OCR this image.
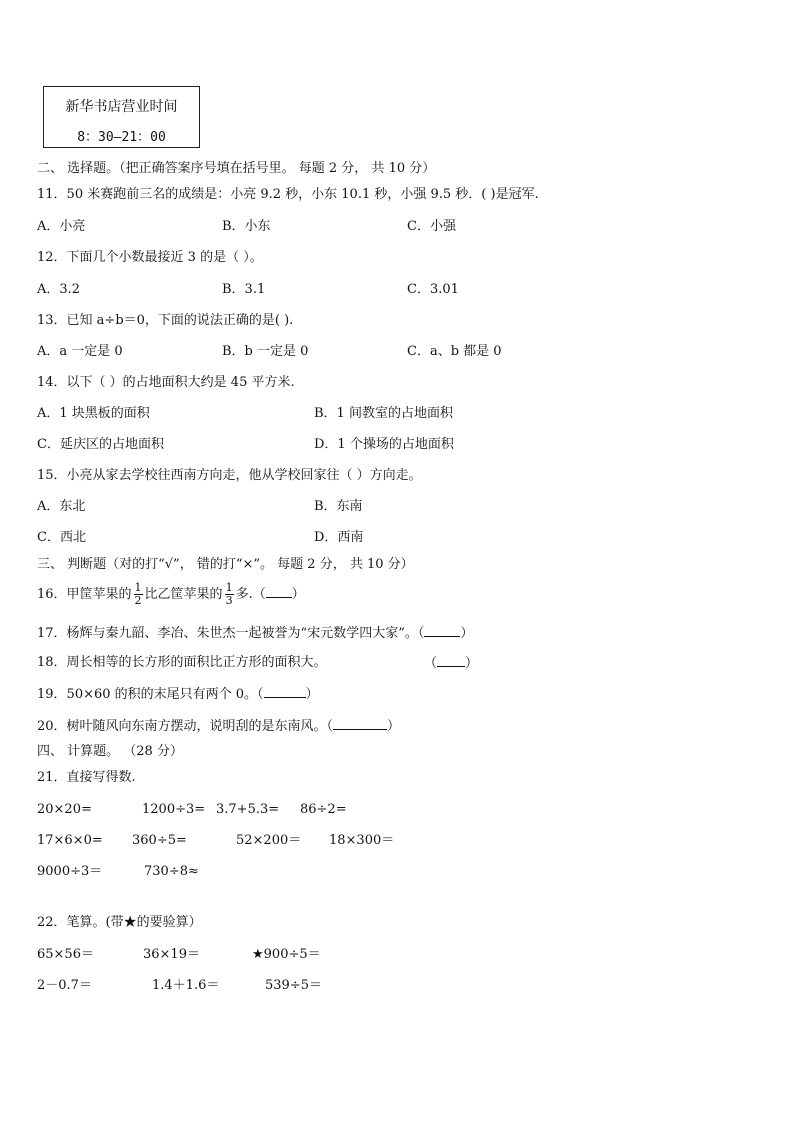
新华书店营业时间
8：30—21：00
二、 选择题。（把正确答案序号填在括号里。 每题 2 分， 共 10 分）
11．50 米赛跑前三名的成绩是：小亮 9.2 秒，小东 10.1 秒，小强 9.5 秒．( )是冠军.
A．小亮	B．小东	C．小强
12．下面几个小数最接近 3 的是（ ）。
A．3.2	B．3.1	C．3.01
13．已知 a÷b＝0，下面的说法正确的是( ).
A．a 一定是 0	B．b 一定是 0	C．a、b 都是 0
14．以下（ ）的占地面积大约是 45 平方米.
A．1 块黑板的面积	B．1 间教室的占地面积
C．延庆区的占地面积	D．1 个操场的占地面积
15．小亮从家去学校往西南方向走，他从学校回家往（ ）方向走。
A．东北	B．东南
C．西北	D．西南
三、 判断题（对的打“√”， 错的打“×”。 每题 2 分， 共 10 分）
16．甲筐苹果的 $\frac{1}{2}$ 比乙筐苹果的 $\frac{1}{3}$ 多.（ ）
17．杨辉与秦九韶、李冶、朱世杰一起被誉为“宋元数学四大家”。（	）
18．周长相等的长方形的面积比正方形的面积大。	（ ）
19．50×60 的积的末尾只有两个 0。（	）
20．树叶随风向东南方摆动，说明刮的是东南风。（	）
四、 计算题。 （28 分）
21．直接写得数.
20×20=	1200÷3= 3.7+5.3= 86÷2=
17×6×0= 360÷5=	52×200＝ 18×300＝
9000÷3＝	730÷8≈
22．笔算。(带★的要验算）
65×56＝	36×19＝	★900÷5＝
2－0.7＝	1.4＋1.6＝	539÷5＝
